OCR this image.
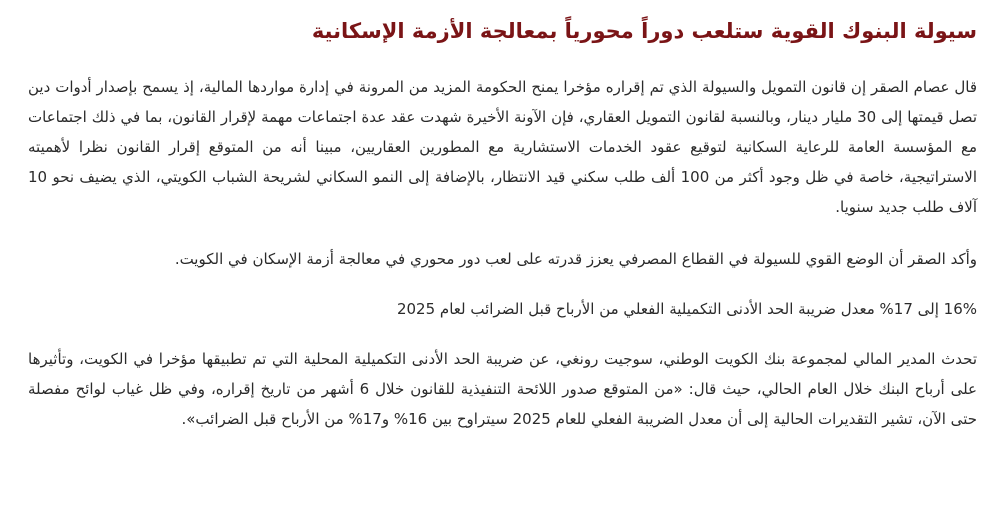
سيولة البنوك القوية ستلعب دوراً محورياً بمعالجة الأزمة الإسكانية

قال عصام الصقر إن قانون التمويل والسيولة الذي تم إقراره مؤخرا يمنح الحكومة المزيد من المرونة في إدارة مواردها المالية، إذ يسمح بإصدار أدوات دين تصل قيمتها إلى 30 مليار دينار، وبالنسبة لقانون التمويل العقاري، فإن الآونة الأخيرة شهدت عقد عدة اجتماعات مهمة لإقرار القانون، بما في ذلك اجتماعات مع المؤسسة العامة للرعاية السكانية لتوقيع عقود الخدمات الاستشارية مع المطورين العقاريين، مبينا أنه من المتوقع إقرار القانون نظرا لأهميته الاستراتيجية، خاصة في ظل وجود أكثر من 100 ألف طلب سكني قيد الانتظار، بالإضافة إلى النمو السكاني لشريحة الشباب الكويتي، الذي يضيف نحو 10 آلاف طلب جديد سنويا.

وأكد الصقر أن الوضع القوي للسيولة في القطاع المصرفي يعزز قدرته على لعب دور محوري في معالجة أزمة الإسكان في الكويت.

16% إلى 17% معدل ضريبة الحد الأدنى التكميلية الفعلي من الأرباح قبل الضرائب لعام 2025

تحدث المدير المالي لمجموعة بنك الكويت الوطني، سوجيت رونغي، عن ضريبة الحد الأدنى التكميلية المحلية التي تم تطبيقها مؤخرا في الكويت، وتأثيرها على أرباح البنك خلال العام الحالي، حيث قال: «من المتوقع صدور اللائحة التنفيذية للقانون خلال 6 أشهر من تاريخ إقراره، وفي ظل غياب لوائح مفصلة حتى الآن، تشير التقديرات الحالية إلى أن معدل الضريبة الفعلي للعام 2025 سيتراوح بين 16% و17% من الأرباح قبل الضرائب».
